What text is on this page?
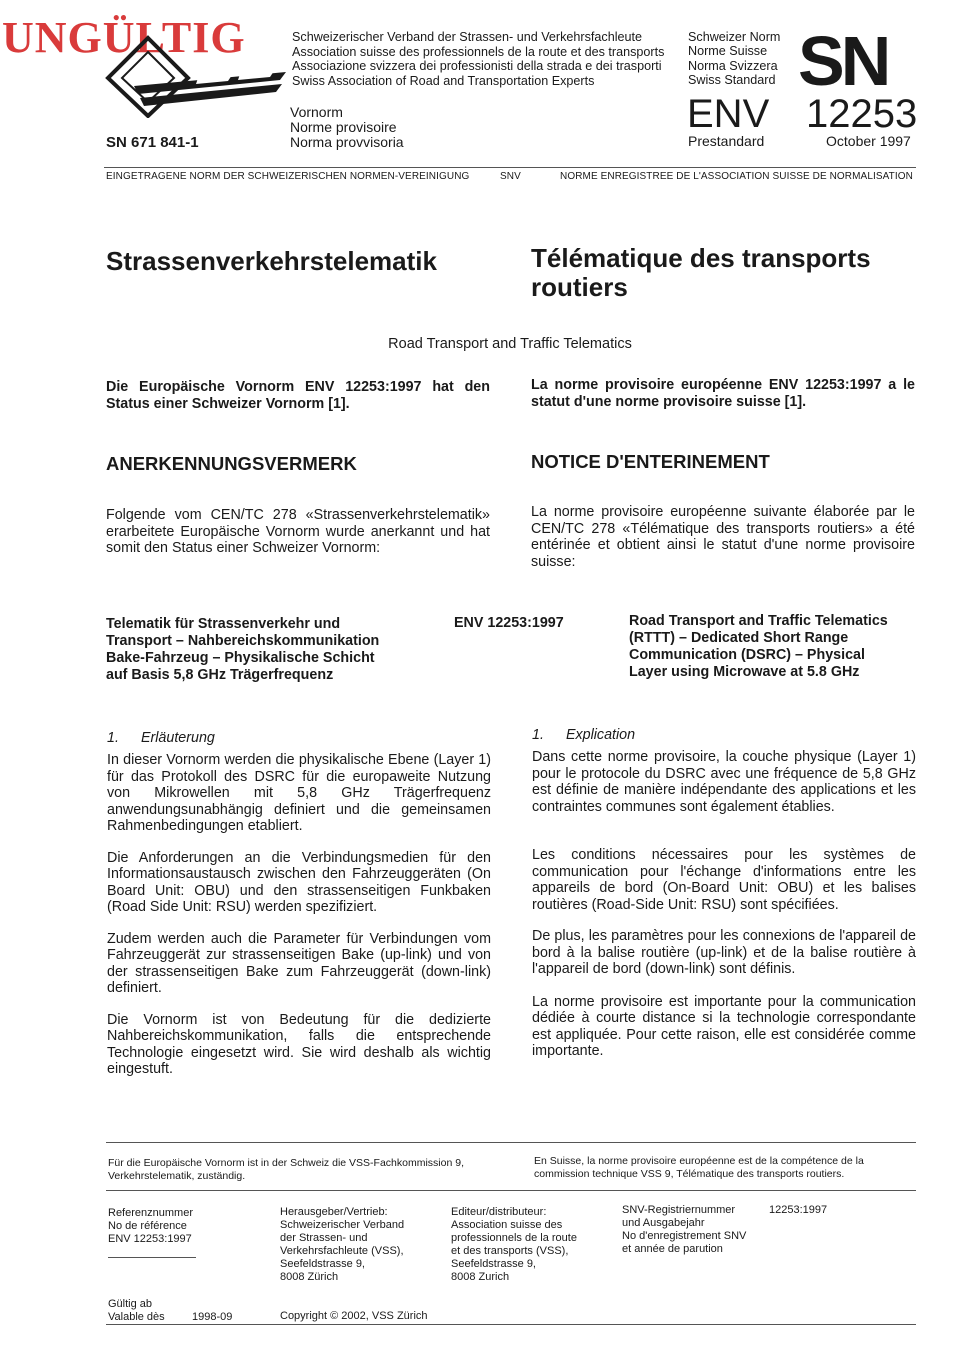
UNGÜLTIG
SN 671 841-1
Schweizerischer Verband der Strassen- und Verkehrsfachleute
Association suisse des professionnels de la route et des transports
Associazione svizzera dei professionisti della strada e dei trasporti
Swiss Association of Road and Transportation Experts
Vornorm
Norme provisoire
Norma provvisoria
Schweizer Norm
Norme Suisse
Norma Svizzera
Swiss Standard SN
ENV
Prestandard
12253
October 1997
EINGETRAGENE NORM DER SCHWEIZERISCHEN NORMEN-VEREINIGUNG	SNV	NORME ENREGISTREE DE L'ASSOCIATION SUISSE DE NORMALISATION
Strassenverkehrstelematik	Télématique des transports
routiers
Road Transport and Traffic Telematics
Die Europäische Vornorm ENV 12253:1997 hat den Status einer Schweizer Vornorm [1].
La norme provisoire européenne ENV 12253:1997 a le statut d'une norme provisoire suisse [1].
ANERKENNUNGSVERMERK	NOTICE D'ENTERINEMENT
Folgende vom CEN/TC 278 «Strassenverkehrstelematik» erarbeitete Europäische Vornorm wurde anerkannt und hat somit den Status einer Schweizer Vornorm:
La norme provisoire européenne suivante élaborée par le CEN/TC 278 «Télématique des transports routiers» a été entérinée et obtient ainsi le statut d'une norme provisoire suisse:
Telematik für Strassenverkehr und
Transport – Nahbereichskommunikation
Bake-Fahrzeug – Physikalische Schicht
auf Basis 5,8 GHz Trägerfrequenz
ENV 12253:1997	Road Transport and Traffic Telematics
(RTTT) – Dedicated Short Range
Communication (DSRC) – Physical
Layer using Microwave at 5.8 GHz
1. Erläuterung
In dieser Vornorm werden die physikalische Ebene (Layer 1) für das Protokoll des DSRC für die europaweite Nutzung von Mikrowellen mit 5,8 GHz Trägerfrequenz anwendungsunabhängig definiert und die gemeinsamen Rahmenbedingungen etabliert.
Die Anforderungen an die Verbindungsmedien für den Informationsaustausch zwischen den Fahrzeuggeräten (On Board Unit: OBU) und den strassenseitigen Funkbaken (Road Side Unit: RSU) werden spezifiziert.
Zudem werden auch die Parameter für Verbindungen vom Fahrzeuggerät zur strassenseitigen Bake (up-link) und von der strassenseitigen Bake zum Fahrzeuggerät (down-link) definiert.
Die Vornorm ist von Bedeutung für die dedizierte Nahbereichskommunikation, falls die entsprechende Technologie eingesetzt wird. Sie wird deshalb als wichtig eingestuft.
1. Explication
Dans cette norme provisoire, la couche physique (Layer 1) pour le protocole du DSRC avec une fréquence de 5,8 GHz est définie de manière indépendante des applications et les contraintes communes sont également établies.
Les conditions nécessaires pour les systèmes de communication pour l'échange d'informations entre les appareils de bord (On-Board Unit: OBU) et les balises routières (Road-Side Unit: RSU) sont spécifiées.
De plus, les paramètres pour les connexions de l'appareil de bord à la balise routière (up-link) et de la balise routière à l'appareil de bord (down-link) sont définis.
La norme provisoire est importante pour la communication dédiée à courte distance si la technologie correspondante est appliquée. Pour cette raison, elle est considérée comme importante.
Für die Europäische Vornorm ist in der Schweiz die VSS-Fachkommission 9, Verkehrstelematik, zuständig.
En Suisse, la norme provisoire européenne est de la compétence de la commission technique VSS 9, Télématique des transports routiers.
Referenznummer
No de référence
ENV 12253:1997
Herausgeber/Vertrieb:
Schweizerischer Verband
der Strassen- und
Verkehrsfachleute (VSS),
Seefeldstrasse 9,
8008 Zürich
Editeur/distributeur:
Association suisse des
professionnels de la route
et des transports (VSS),
Seefeldstrasse 9,
8008 Zurich
SNV-Registriernummer
und Ausgabejahr
No d'enregistrement SNV
et année de parution
12253:1997
Gültig ab
Valable dès 1998-09	Copyright © 2002, VSS Zürich
